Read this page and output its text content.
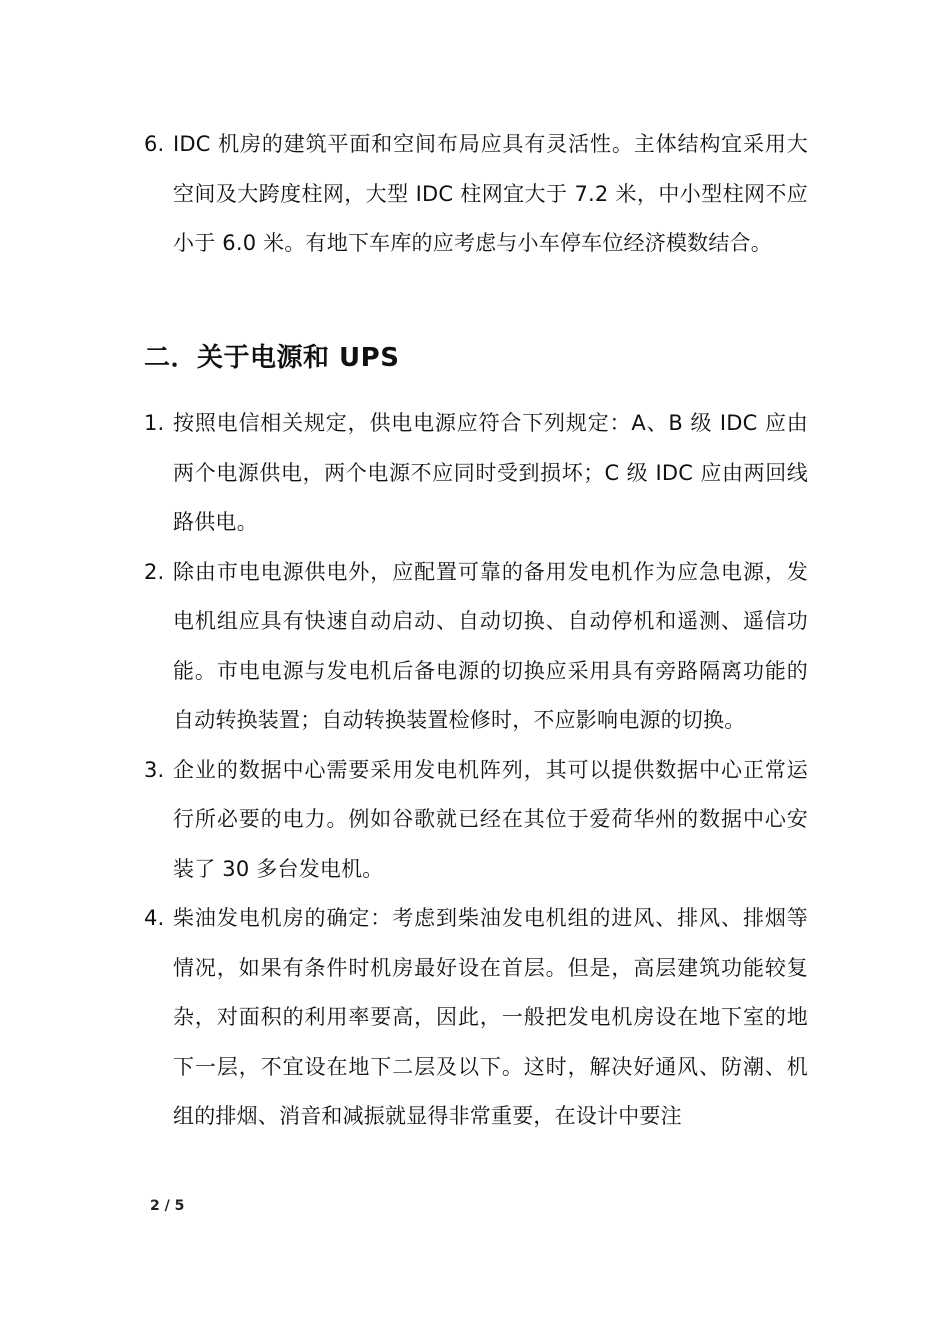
6. IDC 机房的建筑平面和空间布局应具有灵活性。主体结构宜采用大空间及大跨度柱网，大型 IDC 柱网宜大于 7.2 米，中小型柱网不应小于 6.0 米。有地下车库的应考虑与小车停车位经济模数结合。
二．关于电源和 UPS
1. 按照电信相关规定，供电电源应符合下列规定：A、B 级 IDC 应由两个电源供电，两个电源不应同时受到损坏；C 级 IDC 应由两回线路供电。
2. 除由市电电源供电外，应配置可靠的备用发电机作为应急电源，发电机组应具有快速自动启动、自动切换、自动停机和遥测、遥信功能。市电电源与发电机后备电源的切换应采用具有旁路隔离功能的自动转换装置；自动转换装置检修时，不应影响电源的切换。
3. 企业的数据中心需要采用发电机阵列，其可以提供数据中心正常运行所必要的电力。例如谷歌就已经在其位于爱荷华州的数据中心安装了 30 多台发电机。
4. 柴油发电机房的确定：考虑到柴油发电机组的进风、排风、排烟等情况，如果有条件时机房最好设在首层。但是，高层建筑功能较复杂，对面积的利用率要高，因此，一般把发电机房设在地下室的地下一层，不宜设在地下二层及以下。这时，解决好通风、防潮、机组的排烟、消音和减振就显得非常重要，在设计中要注
2 / 5
